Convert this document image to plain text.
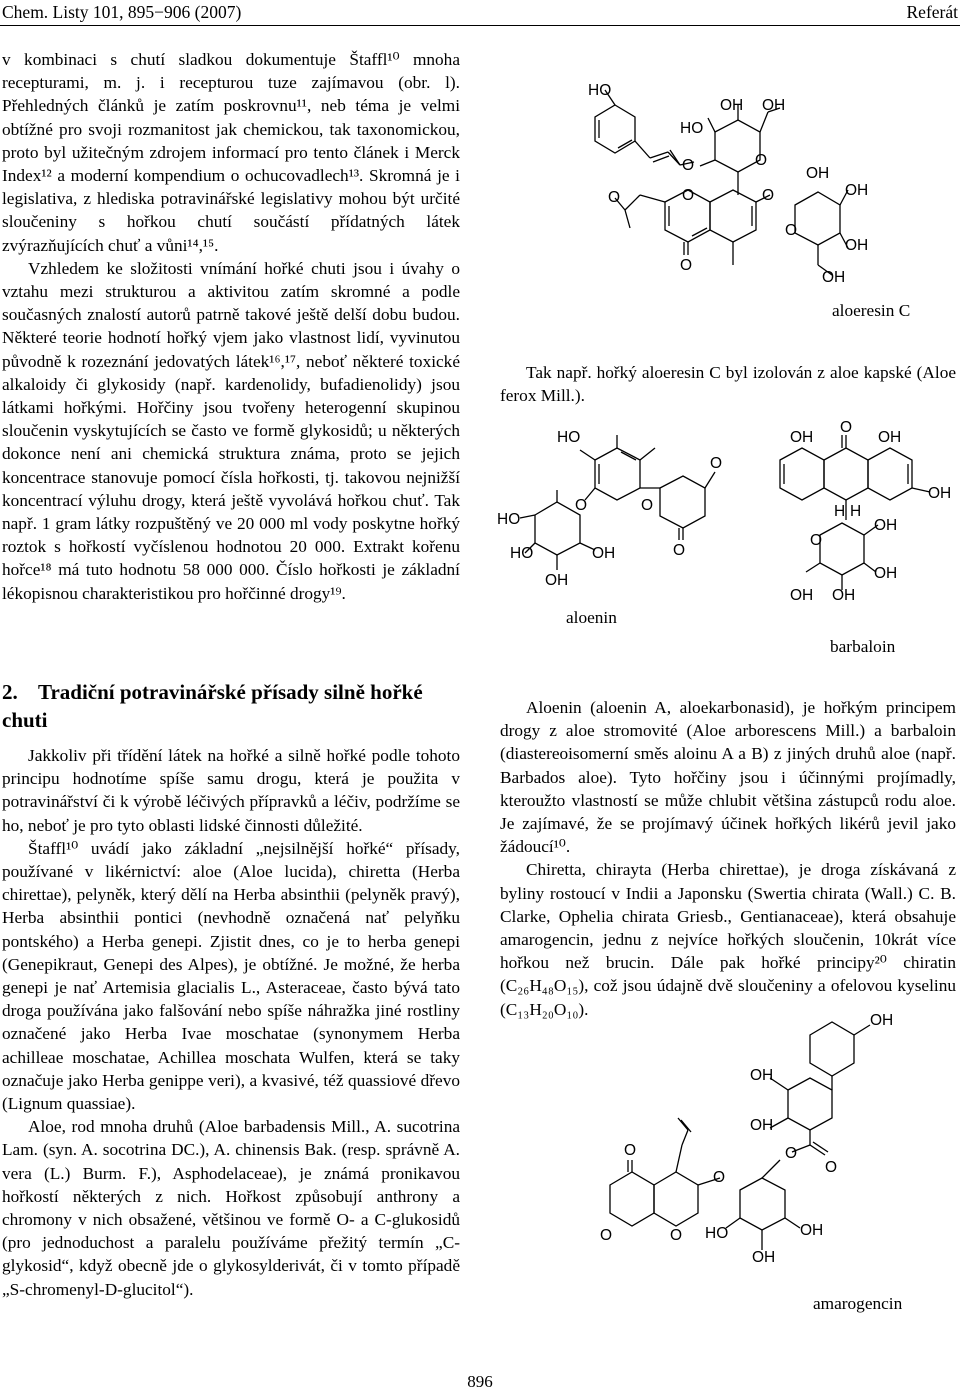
Chem. Listy 101, 895−906 (2007)	Referát

v kombinaci s chutí sladkou dokumentuje Štaffl¹⁰ mnoha recepturami, m. j. i recepturou tuze zajímavou (obr. l). Přehledných článků je zatím poskrovnu¹¹, neb téma je velmi obtížné pro svoji rozmanitost jak chemickou, tak taxonomickou, proto byl užitečným zdrojem informací pro tento článek i Merck Index¹² a moderní kompendium o ochucovadlech¹³. Skromná je i legislativa, z hlediska potravinářské legislativy mohou být určité sloučeniny s hořkou chutí součástí přídatných látek zvýrazňujících chuť a vůni¹⁴,¹⁵.

Vzhledem ke složitosti vnímání hořké chuti jsou i úvahy o vztahu mezi strukturou a aktivitou zatím skromné a podle současných znalostí autorů patrně takové ještě delší dobu budou. Některé teorie hodnotí hořký vjem jako vlastnost lidí, vyvinutou původně k rozeznání jedovatých látek¹⁶,¹⁷, neboť některé toxické alkaloidy či glykosidy (např. kardenolidy, bufadienolidy) jsou látkami hořkými. Hořčiny jsou tvořeny heterogenní skupinou sloučenin vyskytujících se často ve formě glykosidů; u některých dokonce není ani chemická struktura známa, proto se jejich koncentrace stanovuje pomocí čísla hořkosti, tj. takovou nejnižší koncentrací výluhu drogy, která ještě vyvolává hořkou chuť. Tak např. 1 gram látky rozpuštěný ve 20 000 ml vody poskytne hořký roztok s hořkostí vyčíslenou hodnotou 20 000. Extrakt kořenu hořce¹⁸ má tuto hodnotu 58 000 000. Číslo hořkosti je základní lékopisnou charakteristikou pro hořčinné drogy¹⁹.

2. Tradiční potravinářské přísady silně hořké chuti

Jakkoliv při třídění látek na hořké a silně hořké podle tohoto principu hodnotíme spíše samu drogu, která je použita v potravinářství či k výrobě léčivých přípravků a léčiv, podržíme se ho, neboť je pro tyto oblasti lidské činnosti důležité.

Štaffl¹⁰ uvádí jako základní „nejsilnější hořké“ přísady, používané v likérnictví: aloe (Aloe lucida), chiretta (Herba chirettae), pelyněk, který dělí na Herba absinthii (pelyněk pravý), Herba absinthii pontici (nevhodně označená nať pelyňku pontského) a Herba genepi. Zjistit dnes, co je to herba genepi (Genepikraut, Genepi des Alpes), je obtížné. Je možné, že herba genepi je nať Artemisia glacialis L., Asteraceae, často bývá tato droga používána jako falšování nebo spíše náhražka jiné rostliny označené jako Herba Ivae moschatae (synonymem Herba achilleae moschatae, Achillea moschata Wulfen, která se taky označuje jako Herba genippe veri), a kvasivé, též quassiové dřevo (Lignum quassiae).

Aloe, rod mnoha druhů (Aloe barbadensis Mill., A. sucotrina Lam. (syn. A. socotrina DC.), A. chinensis Bak. (resp. správně A. vera (L.) Burm. F.), Asphodelaceae), je známá pronikavou hořkostí některých z nich. Hořkost způsobují anthrony a chromony v nich obsažené, většinou ve formě O- a C-glukosidů (pro jednoduchost a paralelu používáme přežitý termín „C-glykosid“, když obecně jde o glykosylderivát, či v tomto případě „S-chromenyl-D-glucitol“).

HO
OH OH
HO
O	O
OH
O	O	O	OH
O
OH
O
OH
aloeresin C

Tak např. hořký aloeresin C byl izolován z aloe kapské (Aloe ferox Mill.).

HO
O
O	O
HO
HO	OH	O
OH
aloenin
OH
O
OH
OH
H H
O
OH
OH
OH OH
barbaloin

Aloenin (aloenin A, aloekarbonasid), je hořkým principem drogy z aloe stromovité (Aloe arborescens Mill.) a barbaloin (diastereoisomerní směs aloinu A a B) z jiných druhů aloe (např. Barbados aloe). Tyto hořčiny jsou i účinnými projímadly, kteroužto vlastností se může chlubit většina zástupců rodu aloe. Je zajímavé, že se projímavý účinek hořkých likérů jevil jako žádoucí¹⁰.

Chiretta, chirayta (Herba chirettae), je droga získávaná z byliny rostoucí v Indii a Japonsku (Swertia chirata (Wall.) C. B. Clarke, Ophelia chirata Griesb., Gentianaceae), která obsahuje amarogencin, jednu z nejvíce hořkých sloučenin, 10krát více hořkou než brucin. Dále pak hořké principy²⁰ chiratin (C₂₆H₄₈O₁₅), což jsou údajně dvě sloučeniny a ofelovou kyselinu (C₁₃H₂₀O₁₀).

OH
OH
OH
O
O
O
O
O	O	OH
HO
OH
amarogencin
896
